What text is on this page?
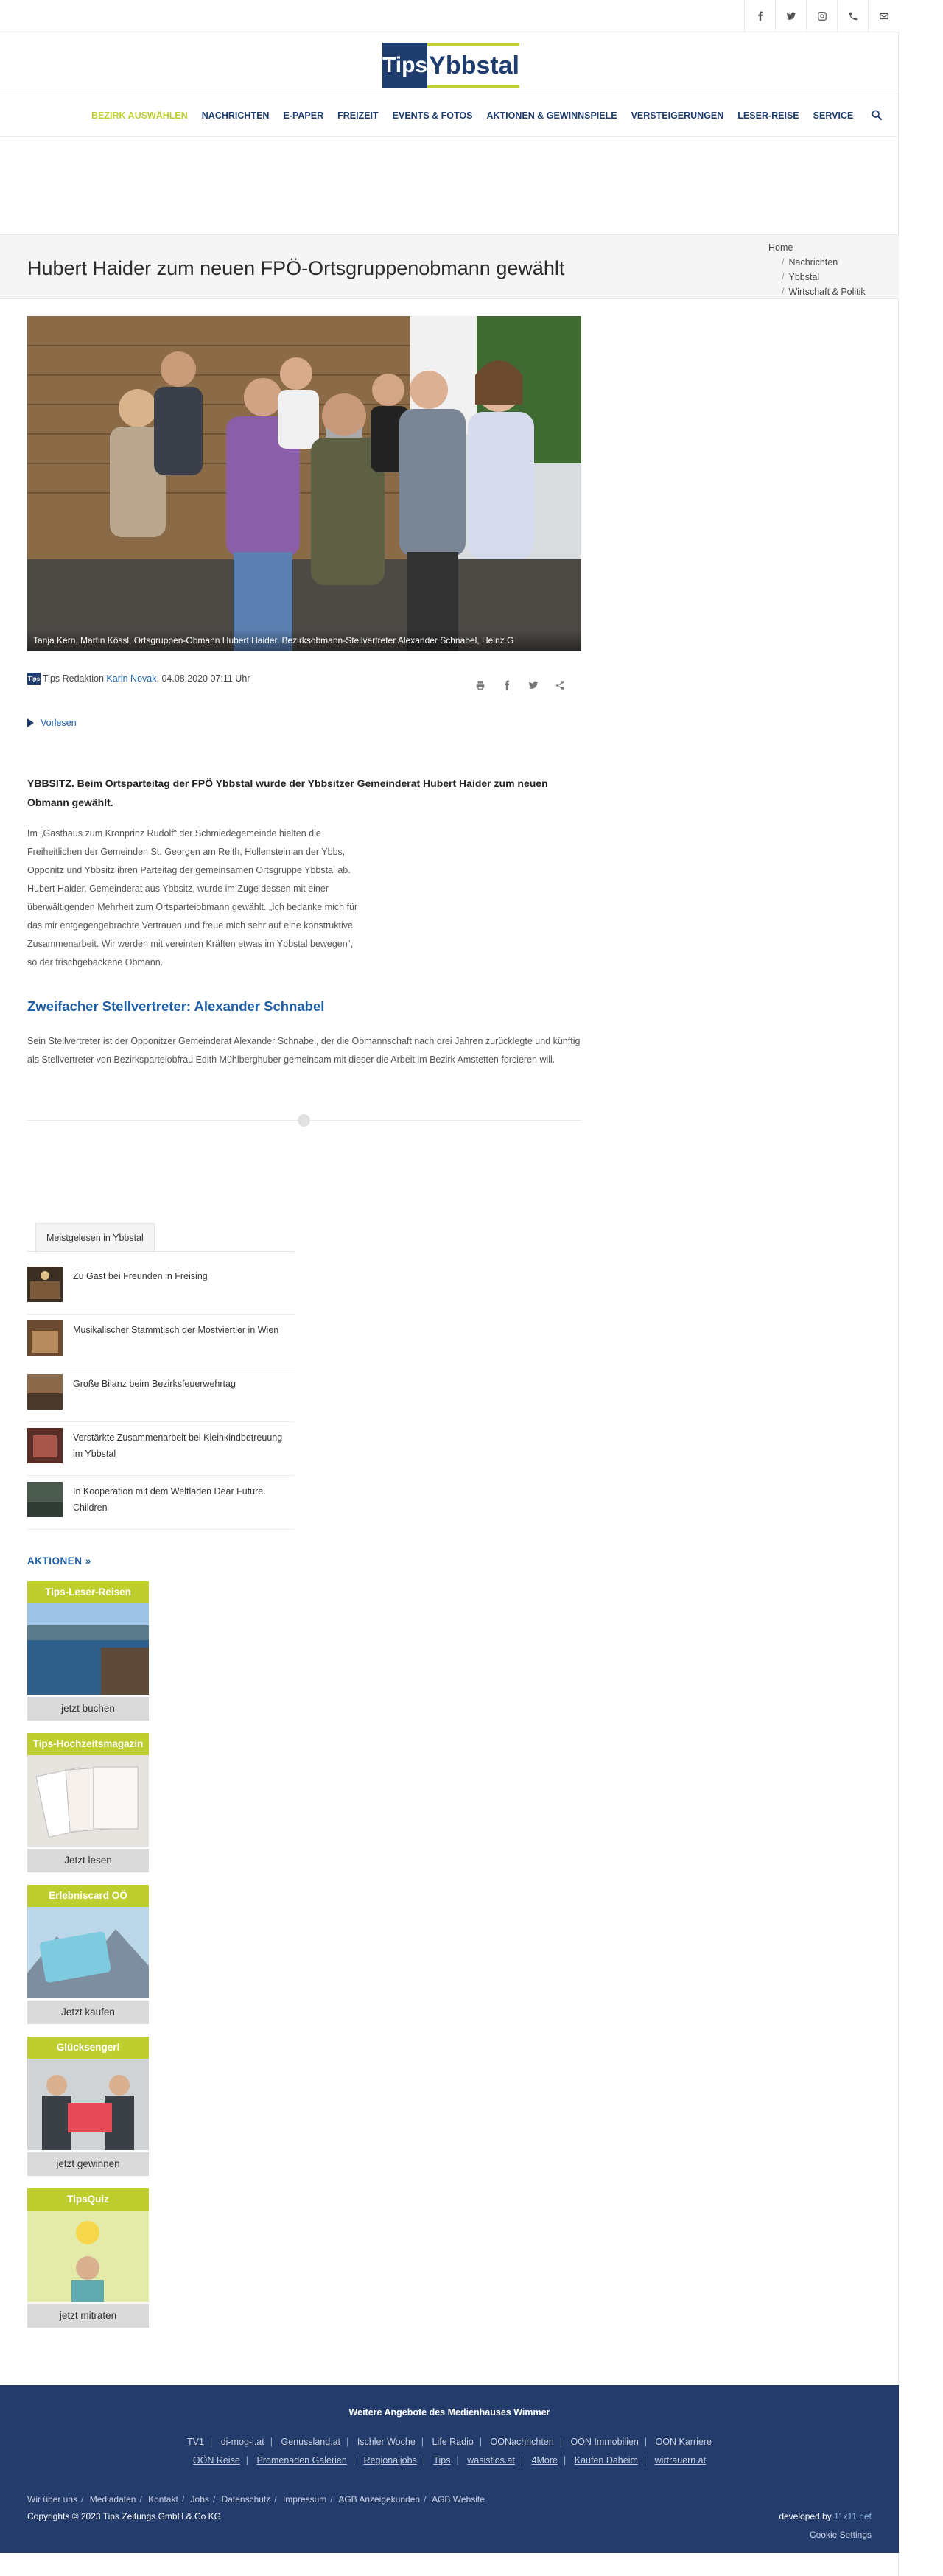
Tips Ybbstal
BEZIRK AUSWÄHLEN NACHRICHTEN E-PAPER FREIZEIT EVENTS & FOTOS AKTIONEN & GEWINNSPIELE VERSTEIGERUNGEN LESER-REISE SERVICE
Hubert Haider zum neuen FPÖ-Ortsgruppenobmann gewählt
Home
/ Nachrichten
/ Ybbstal
/ Wirtschaft & Politik
Tanja Kern, Martin Kössl, Ortsgruppen-Obmann Hubert Haider, Bezirksobmann-Stellvertreter Alexander Schnabel, Heinz G
Tips Tips Redaktion
Karin Novak , 04.08.2020 07:11 Uhr
Vorlesen

YBBSITZ. Beim Ortsparteitag der FPÖ Ybbstal wurde der Ybbsitzer Gemeinderat Hubert Haider zum neuen Obmann gewählt.

Im „Gasthaus zum Kronprinz Rudolf“ der Schmiedegemeinde hielten die Freiheitlichen der Gemeinden St. Georgen am Reith, Hollenstein an der Ybbs, Opponitz und Ybbsitz ihren Parteitag der gemeinsamen Ortsgruppe Ybbstal ab. Hubert Haider, Gemeinderat aus Ybbsitz, wurde im Zuge dessen mit einer überwältigenden Mehrheit zum Ortsparteiobmann gewählt. „Ich bedanke mich für das mir entgegengebrachte Vertrauen und freue mich sehr auf eine konstruktive Zusammenarbeit. Wir werden mit vereinten Kräften etwas im Ybbstal bewegen“, so der frischgebackene Obmann.

Zweifacher Stellvertreter: Alexander Schnabel

Sein Stellvertreter ist der Opponitzer Gemeinderat Alexander Schnabel, der die Obmannschaft nach drei Jahren zurücklegte und künftig als Stellvertreter von Bezirksparteiobfrau Edith Mühlberghuber gemeinsam mit dieser die Arbeit im Bezirk Amstetten forcieren will.

Meistgelesen in Ybbstal
Zu Gast bei Freunden in Freising
Musikalischer Stammtisch der Mostviertler in Wien
Große Bilanz beim Bezirksfeuerwehrtag
Verstärkte Zusammenarbeit bei Kleinkindbetreuung im Ybbstal
In Kooperation mit dem Weltladen Dear Future Children
AKTIONEN »
Tips-Leser-Reisen
jetzt buchen
Tips-Hochzeitsmagazin
Jetzt lesen
Erlebniscard OÖ
Jetzt kaufen
Glücksengerl
jetzt gewinnen
TipsQuiz
jetzt mitraten
Weitere Angebote des Medienhauses Wimmer
TV1 | di-mog-i.at | Genussland.at | Ischler Woche | Life Radio | OÖNachrichten | OÖN Immobilien | OÖN Karriere
OÖN Reise | Promenaden Galerien | Regionaljobs | Tips | wasistlos.at | 4More | Kaufen Daheim | wirtrauern.at
Wir über uns / Mediadaten / Kontakt / Jobs / Datenschutz / Impressum / AGB Anzeigekunden / AGB Website
Copyrights © 2023 Tips Zeitungs GmbH & Co KG	developed by 11x11.net
Cookie Settings
